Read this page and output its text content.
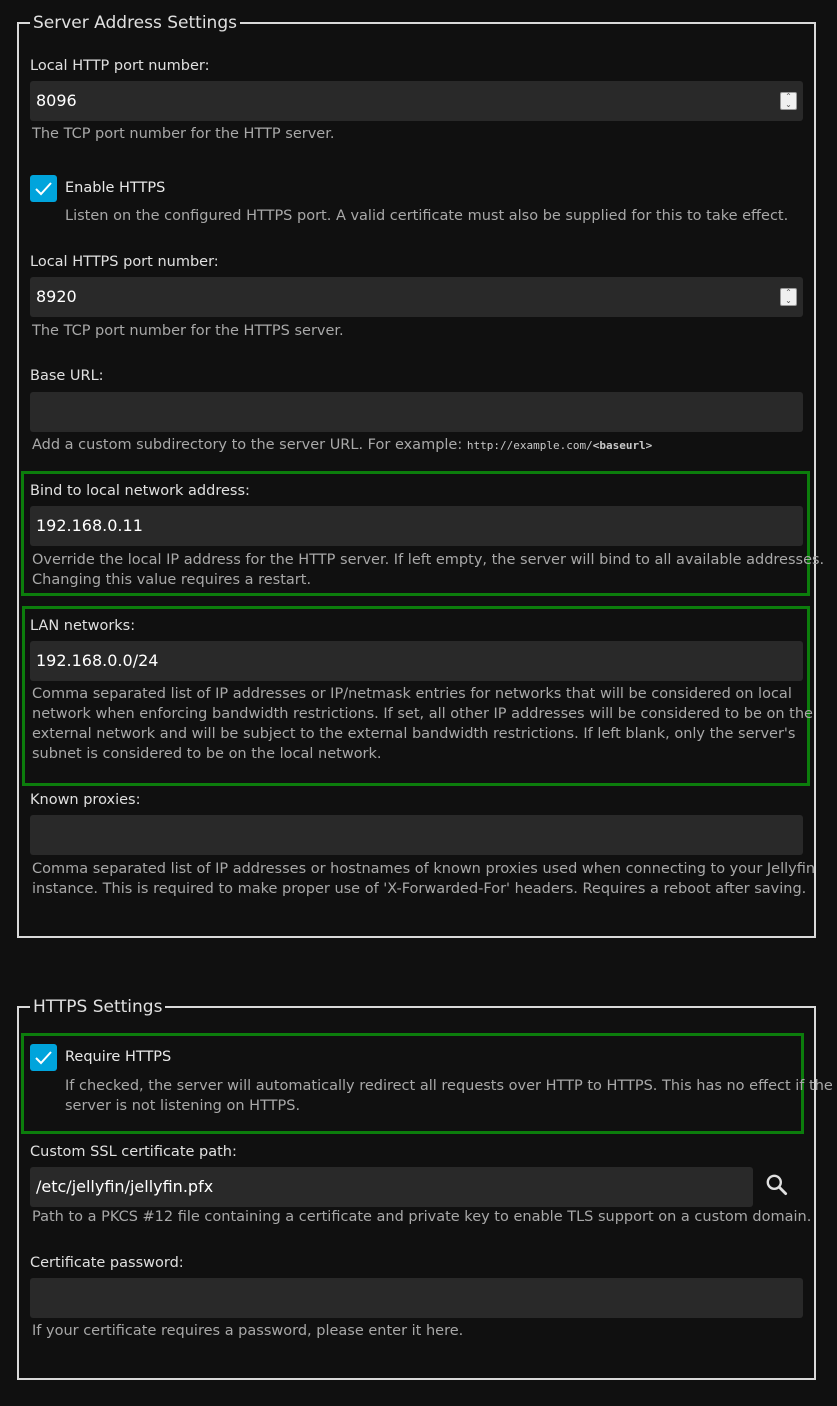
Server Address Settings
Local HTTP port number:
8096	⌃
⌄
The TCP port number for the HTTP server.
Enable HTTPS
Listen on the configured HTTPS port. A valid certificate must also be supplied for this to take effect.
Local HTTPS port number:
8920	⌃
⌄
The TCP port number for the HTTPS server.
Base URL:
Add a custom subdirectory to the server URL. For example: http://example.com/<baseurl>
Bind to local network address:
192.168.0.11
Override the local IP address for the HTTP server. If left empty, the server will bind to all available addresses.
Changing this value requires a restart.
LAN networks:
192.168.0.0/24
Comma separated list of IP addresses or IP/netmask entries for networks that will be considered on local
network when enforcing bandwidth restrictions. If set, all other IP addresses will be considered to be on the
external network and will be subject to the external bandwidth restrictions. If left blank, only the server's
subnet is considered to be on the local network.
Known proxies:
Comma separated list of IP addresses or hostnames of known proxies used when connecting to your Jellyfin
instance. This is required to make proper use of 'X-Forwarded-For' headers. Requires a reboot after saving.
HTTPS Settings
Require HTTPS
If checked, the server will automatically redirect all requests over HTTP to HTTPS. This has no effect if the
server is not listening on HTTPS.
Custom SSL certificate path:
/etc/jellyfin/jellyfin.pfx
Path to a PKCS #12 file containing a certificate and private key to enable TLS support on a custom domain.
Certificate password:
If your certificate requires a password, please enter it here.
